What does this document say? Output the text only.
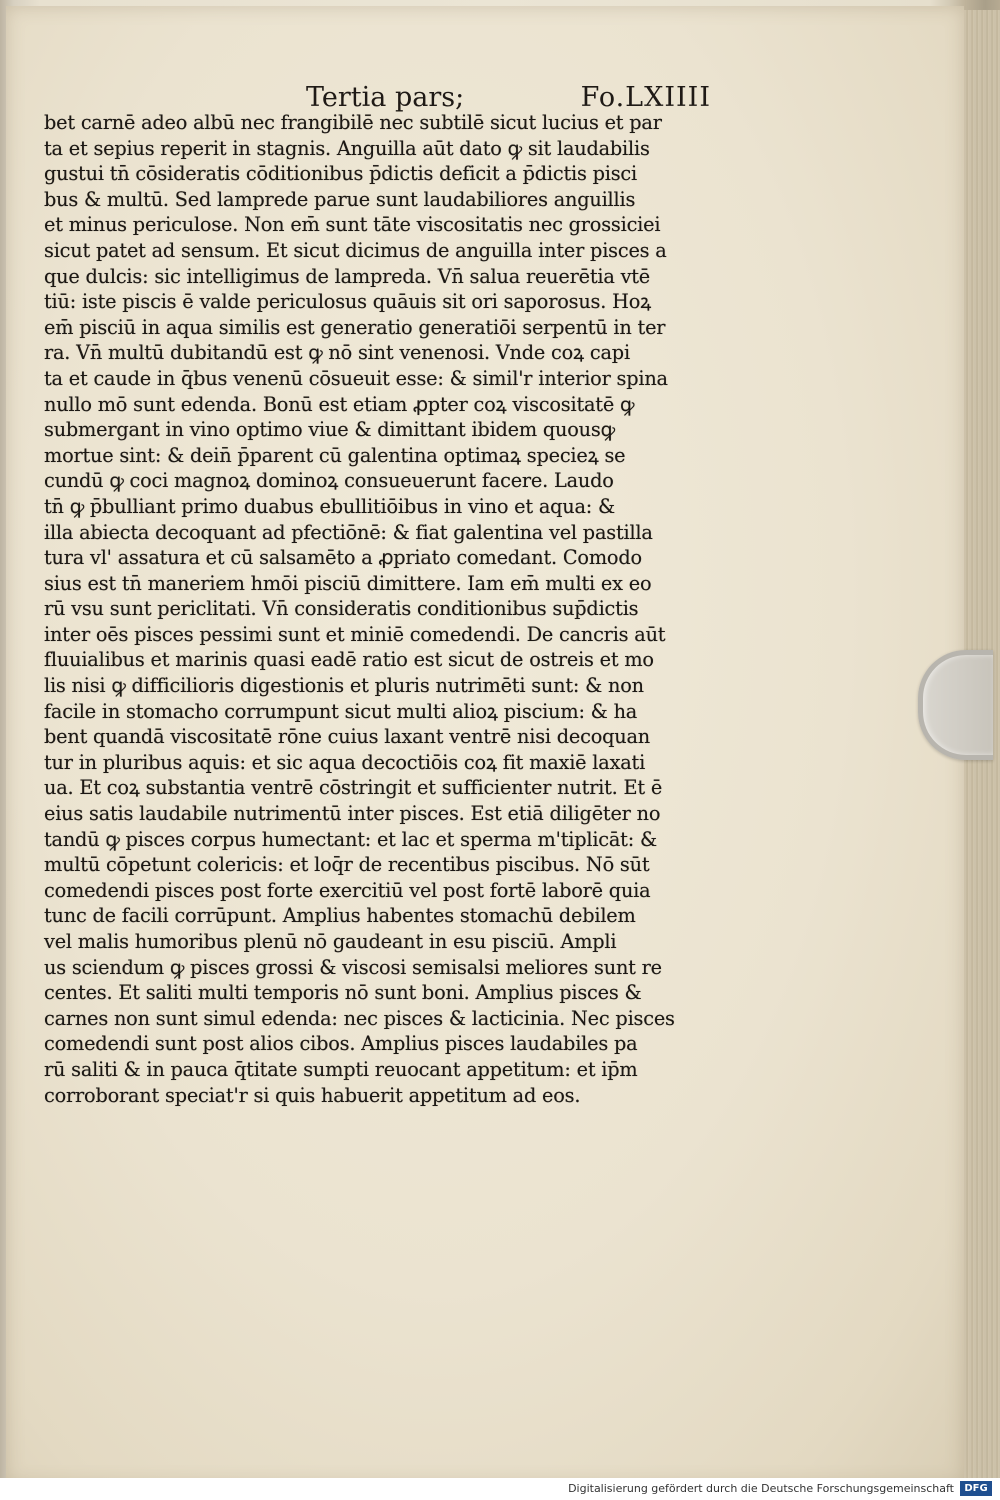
Tertia pars;	Fo.LXIIII
bet carnē adeo albū nec frangibilē nec subtilē sicut lucius et par
ta et sepius reperit in stagnis. Anguilla aūt dato ꝙ sit laudabilis
gustui tn̄ cōsideratis cōditionibus p̄dictis deficit a p̄dictis pisci
bus & multū. Sed lamprede parue sunt laudabiliores anguillis
et minus periculose. Non em̄ sunt tāte viscositatis nec grossiciei
sicut patet ad sensum. Et sicut dicimus de anguilla inter pisces a
que dulcis: sic intelligimus de lampreda. Vn̄ salua reuerētia vtē
tiū: iste piscis ē valde periculosus quāuis sit ori saporosus. Hoꝝ
em̄ pisciū in aqua similis est generatio generatiōi serpentū in ter
ra. Vn̄ multū dubitandū est ꝙ nō sint venenosi. Vnde coꝝ capi
ta et caude in q̄bus venenū cōsueuit esse: & simil'r interior spina
nullo mō sunt edenda. Bonū est etiam ꝓpter coꝝ viscositatē ꝙ
submergant in vino optimo viue & dimittant ibidem quousꝙ
mortue sint: & dein̄ p̄parent cū galentina optimaꝝ specieꝝ se
cundū ꝙ coci magnoꝝ dominoꝝ consueuerunt facere. Laudo
tn̄ ꝙ p̄bulliant primo duabus ebullitiōibus in vino et aqua: &
illa abiecta decoquant ad pfectiōnē: & fiat galentina vel pastilla
tura vl' assatura et cū salsamēto a ꝓpriato comedant. Comodo
sius est tn̄ maneriem hmōi pisciū dimittere. Iam em̄ multi ex eo
rū vsu sunt periclitati. Vn̄ consideratis conditionibus sup̄dictis
inter oēs pisces pessimi sunt et miniē comedendi. De cancris aūt
fluuialibus et marinis quasi eadē ratio est sicut de ostreis et mo
lis nisi ꝙ difficilioris digestionis et pluris nutrimēti sunt: & non
facile in stomacho corrumpunt sicut multi alioꝝ piscium: & ha
bent quandā viscositatē rōne cuius laxant ventrē nisi decoquan
tur in pluribus aquis: et sic aqua decoctiōis coꝝ fit maxiē laxati
ua. Et coꝝ substantia ventrē cōstringit et sufficienter nutrit. Et ē
eius satis laudabile nutrimentū inter pisces. Est etiā diligēter no
tandū ꝙ pisces corpus humectant: et lac et sperma m'tiplicāt: &
multū cōpetunt colericis: et loq̄r de recentibus piscibus. Nō sūt
comedendi pisces post forte exercitiū vel post fortē laborē quia
tunc de facili corrūpunt. Amplius habentes stomachū debilem
vel malis humoribus plenū nō gaudeant in esu pisciū. Ampli
us sciendum ꝙ pisces grossi & viscosi semisalsi meliores sunt re
centes. Et saliti multi temporis nō sunt boni. Amplius pisces &
carnes non sunt simul edenda: nec pisces & lacticinia. Nec pisces
comedendi sunt post alios cibos. Amplius pisces laudabiles pa
rū saliti & in pauca q̄titate sumpti reuocant appetitum: et ip̄m
corroborant speciat'r si quis habuerit appetitum ad eos.
Digitalisierung gefördert durch die Deutsche Forschungsgemeinschaft	DFG
